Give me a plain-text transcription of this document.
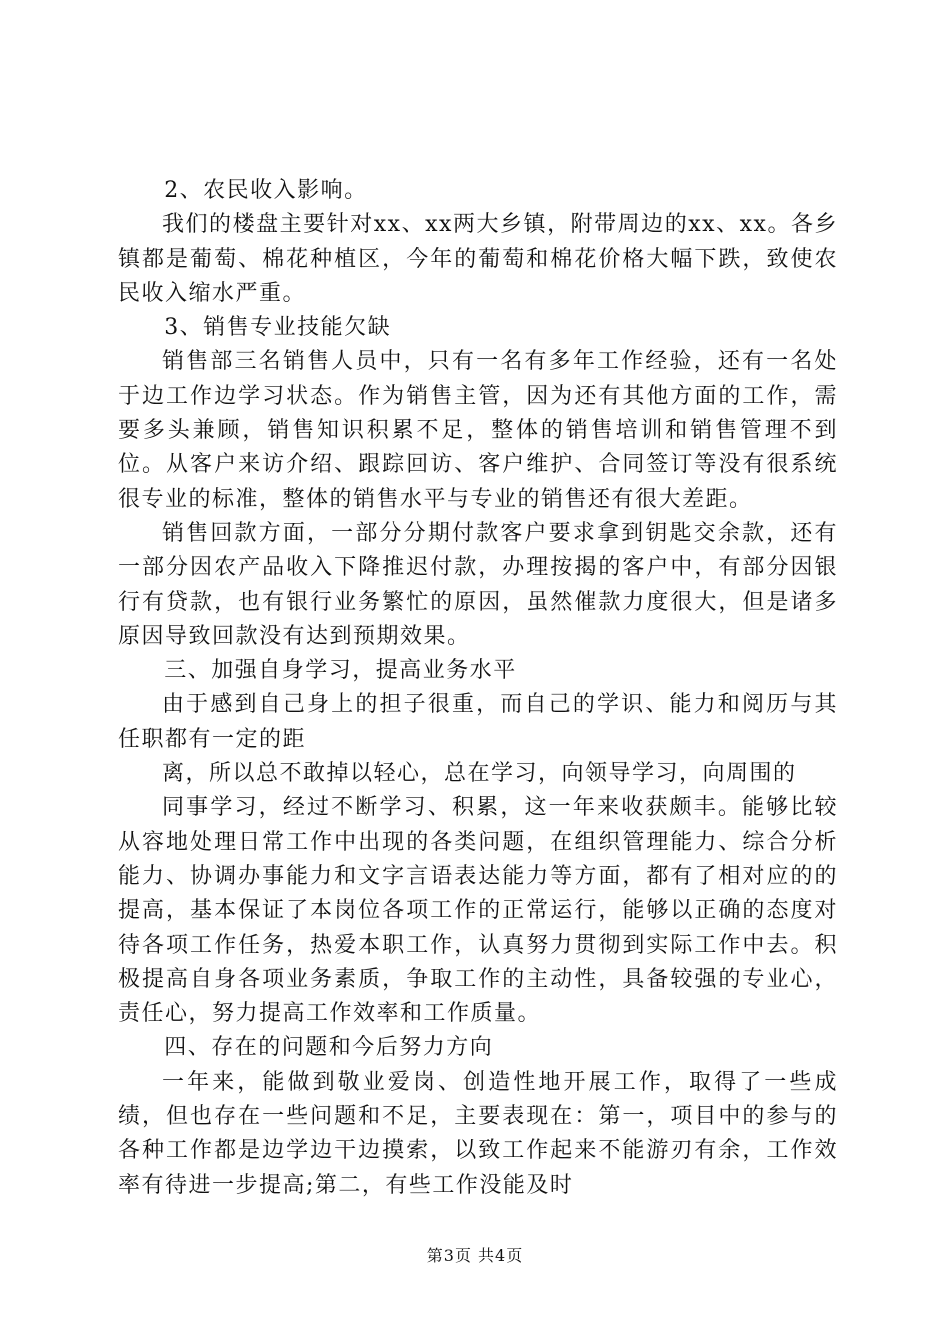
2、农民收入影响。

我们的楼盘主要针对xx、xx两大乡镇，附带周边的xx、xx。各乡镇都是葡萄、棉花种植区，今年的葡萄和棉花价格大幅下跌，致使农民收入缩水严重。

3、销售专业技能欠缺

销售部三名销售人员中，只有一名有多年工作经验，还有一名处于边工作边学习状态。作为销售主管，因为还有其他方面的工作，需要多头兼顾，销售知识积累不足，整体的销售培训和销售管理不到位。从客户来访介绍、跟踪回访、客户维护、合同签订等没有很系统很专业的标准，整体的销售水平与专业的销售还有很大差距。

销售回款方面，一部分分期付款客户要求拿到钥匙交余款，还有一部分因农产品收入下降推迟付款，办理按揭的客户中，有部分因银行有贷款，也有银行业务繁忙的原因，虽然催款力度很大，但是诸多原因导致回款没有达到预期效果。

三、加强自身学习，提高业务水平

由于感到自己身上的担子很重，而自己的学识、能力和阅历与其任职都有一定的距

离，所以总不敢掉以轻心，总在学习，向领导学习，向周围的

同事学习，经过不断学习、积累，这一年来收获颇丰。能够比较从容地处理日常工作中出现的各类问题，在组织管理能力、综合分析能力、协调办事能力和文字言语表达能力等方面，都有了相对应的的提高，基本保证了本岗位各项工作的正常运行，能够以正确的态度对待各项工作任务，热爱本职工作，认真努力贯彻到实际工作中去。积极提高自身各项业务素质，争取工作的主动性，具备较强的专业心，责任心，努力提高工作效率和工作质量。

四、存在的问题和今后努力方向

一年来，能做到敬业爱岗、创造性地开展工作，取得了一些成绩，但也存在一些问题和不足，主要表现在：第一，项目中的参与的各种工作都是边学边干边摸索，以致工作起来不能游刃有余，工作效率有待进一步提高;第二，有些工作没能及时

第3页 共4页
